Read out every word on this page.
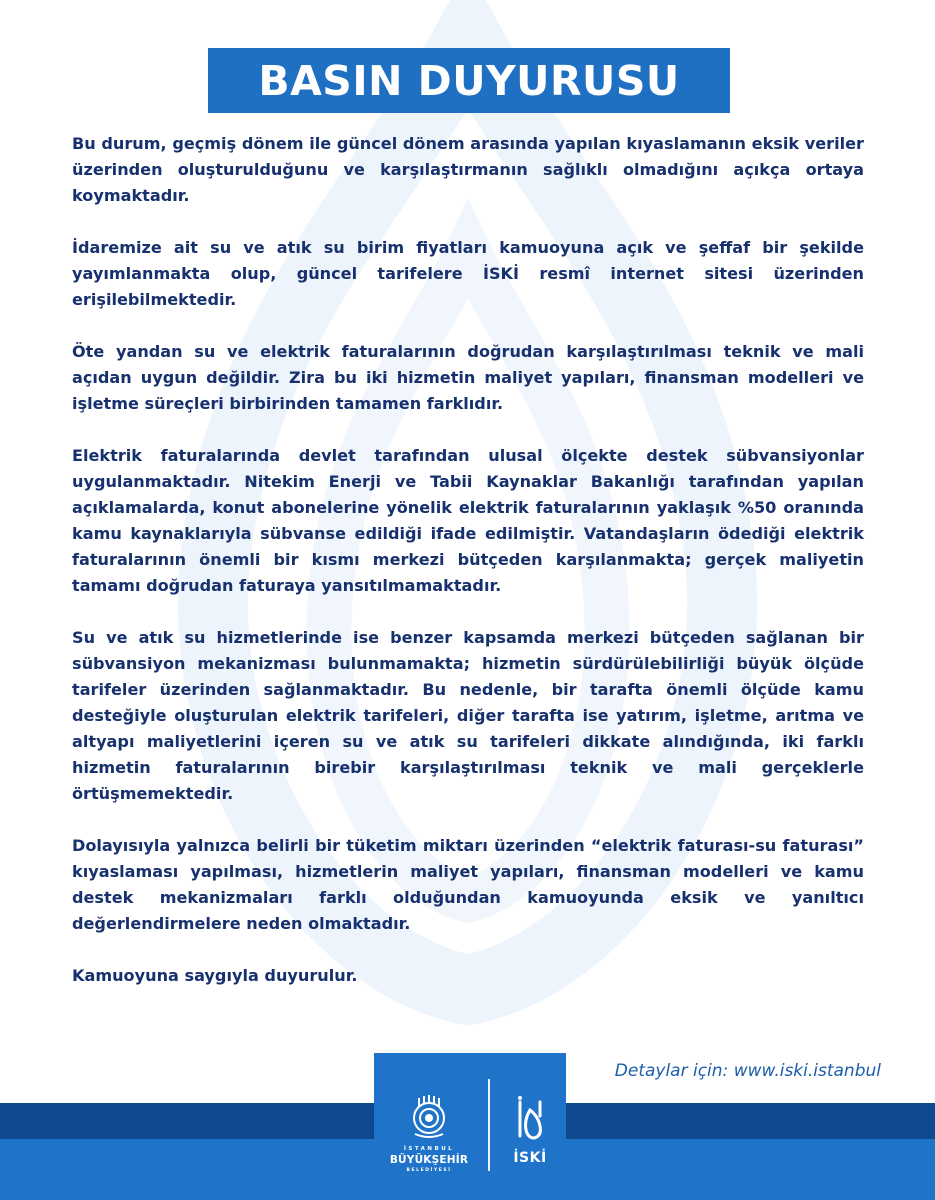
BASIN DUYURUSU

Bu durum, geçmiş dönem ile güncel dönem arasında yapılan kıyaslamanın eksik veriler üzerinden oluşturulduğunu ve karşılaştırmanın sağlıklı olmadığını açıkça ortaya koymaktadır.

İdaremize ait su ve atık su birim fiyatları kamuoyuna açık ve şeffaf bir şekilde yayımlanmakta olup, güncel tarifelere İSKİ resmî internet sitesi üzerinden erişilebilmektedir.

Öte yandan su ve elektrik faturalarının doğrudan karşılaştırılması teknik ve mali açıdan uygun değildir. Zira bu iki hizmetin maliyet yapıları, finansman modelleri ve işletme süreçleri birbirinden tamamen farklıdır.

Elektrik faturalarında devlet tarafından ulusal ölçekte destek sübvansiyonlar uygulanmaktadır. Nitekim Enerji ve Tabii Kaynaklar Bakanlığı tarafından yapılan açıklamalarda, konut abonelerine yönelik elektrik faturalarının yaklaşık %50 oranında kamu kaynaklarıyla sübvanse edildiği ifade edilmiştir. Vatandaşların ödediği elektrik faturalarının önemli bir kısmı merkezi bütçeden karşılanmakta; gerçek maliyetin tamamı doğrudan faturaya yansıtılmamaktadır.

Su ve atık su hizmetlerinde ise benzer kapsamda merkezi bütçeden sağlanan bir sübvansiyon mekanizması bulunmamakta; hizmetin sürdürülebilirliği büyük ölçüde tarifeler üzerinden sağlanmaktadır. Bu nedenle, bir tarafta önemli ölçüde kamu desteğiyle oluşturulan elektrik tarifeleri, diğer tarafta ise yatırım, işletme, arıtma ve altyapı maliyetlerini içeren su ve atık su tarifeleri dikkate alındığında, iki farklı hizmetin faturalarının birebir karşılaştırılması teknik ve mali gerçeklerle örtüşmemektedir.

Dolayısıyla yalnızca belirli bir tüketim miktarı üzerinden “elektrik faturası-su faturası” kıyaslaması yapılması, hizmetlerin maliyet yapıları, finansman modelleri ve kamu destek mekanizmaları farklı olduğundan kamuoyunda eksik ve yanıltıcı değerlendirmelere neden olmaktadır.

Kamuoyuna saygıyla duyurulur.

Detaylar için: www.iski.istanbul
İSTANBUL
BÜYÜKŞEHİR
BELEDİYESİ
İSKİ
